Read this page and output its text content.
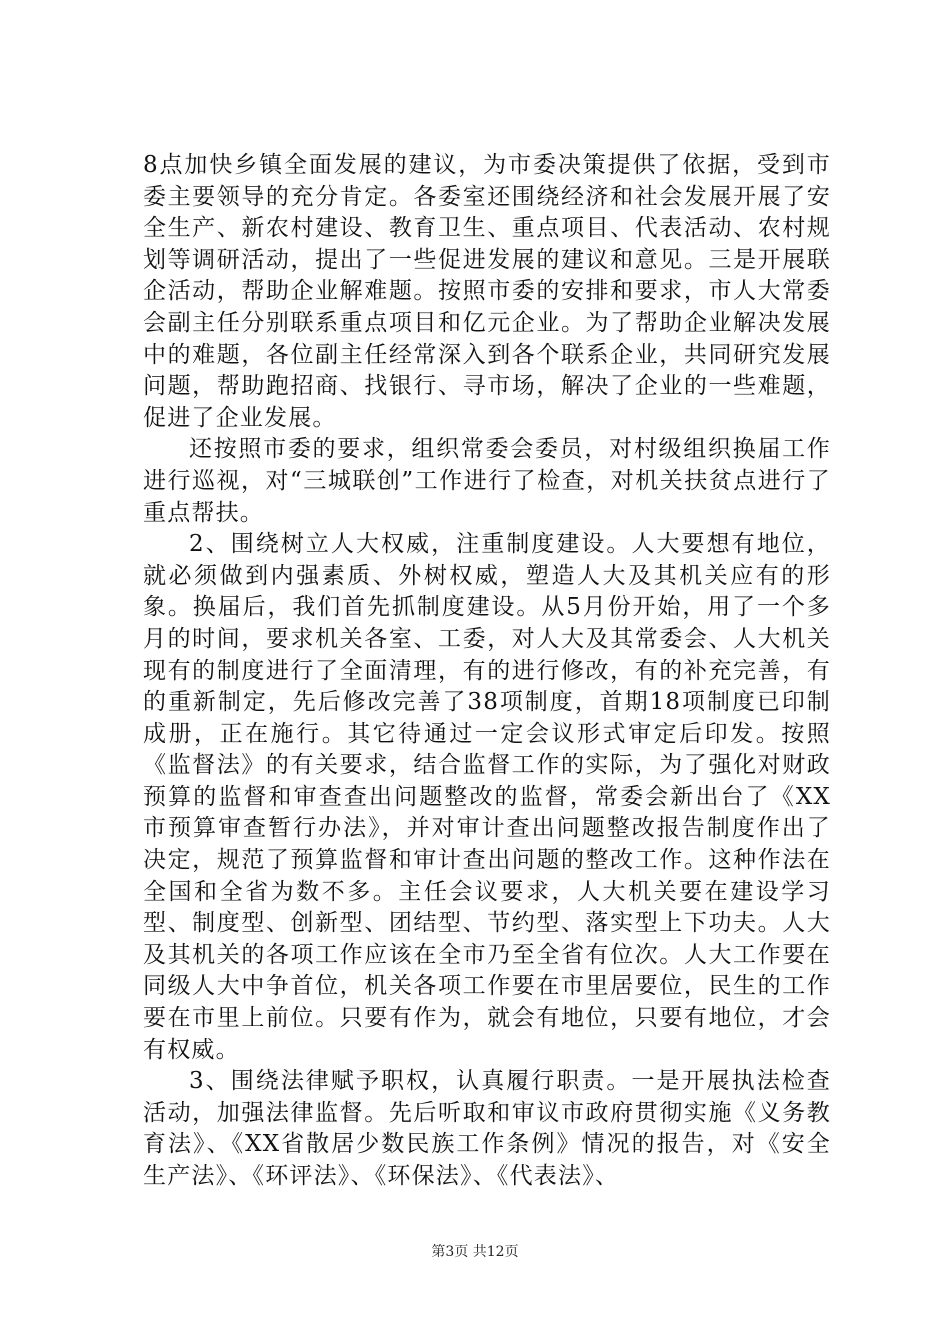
8点加快乡镇全面发展的建议，为市委决策提供了依据，受到市委主要领导的充分肯定。各委室还围绕经济和社会发展开展了安全生产、新农村建设、教育卫生、重点项目、代表活动、农村规划等调研活动，提出了一些促进发展的建议和意见。三是开展联企活动，帮助企业解难题。按照市委的安排和要求，市人大常委会副主任分别联系重点项目和亿元企业。为了帮助企业解决发展中的难题，各位副主任经常深入到各个联系企业，共同研究发展问题，帮助跑招商、找银行、寻市场，解决了企业的一些难题，促进了企业发展。

还按照市委的要求，组织常委会委员，对村级组织换届工作进行巡视，对“三城联创”工作进行了检查，对机关扶贫点进行了重点帮扶。

2、围绕树立人大权威，注重制度建设。人大要想有地位，就必须做到内强素质、外树权威，塑造人大及其机关应有的形象。换届后，我们首先抓制度建设。从5月份开始，用了一个多月的时间，要求机关各室、工委，对人大及其常委会、人大机关现有的制度进行了全面清理，有的进行修改，有的补充完善，有的重新制定，先后修改完善了38项制度，首期18项制度已印制成册，正在施行。其它待通过一定会议形式审定后印发。按照《监督法》的有关要求，结合监督工作的实际，为了强化对财政预算的监督和审查查出问题整改的监督，常委会新出台了《XX市预算审查暂行办法》，并对审计查出问题整改报告制度作出了决定，规范了预算监督和审计查出问题的整改工作。这种作法在全国和全省为数不多。主任会议要求，人大机关要在建设学习型、制度型、创新型、团结型、节约型、落实型上下功夫。人大及其机关的各项工作应该在全市乃至全省有位次。人大工作要在同级人大中争首位，机关各项工作要在市里居要位，民生的工作要在市里上前位。只要有作为，就会有地位，只要有地位，才会有权威。

3、围绕法律赋予职权，认真履行职责。一是开展执法检查活动，加强法律监督。先后听取和审议市政府贯彻实施《义务教育法》、《XX省散居少数民族工作条例》情况的报告，对《安全生产法》、《环评法》、《环保法》、《代表法》、

第3页 共12页
